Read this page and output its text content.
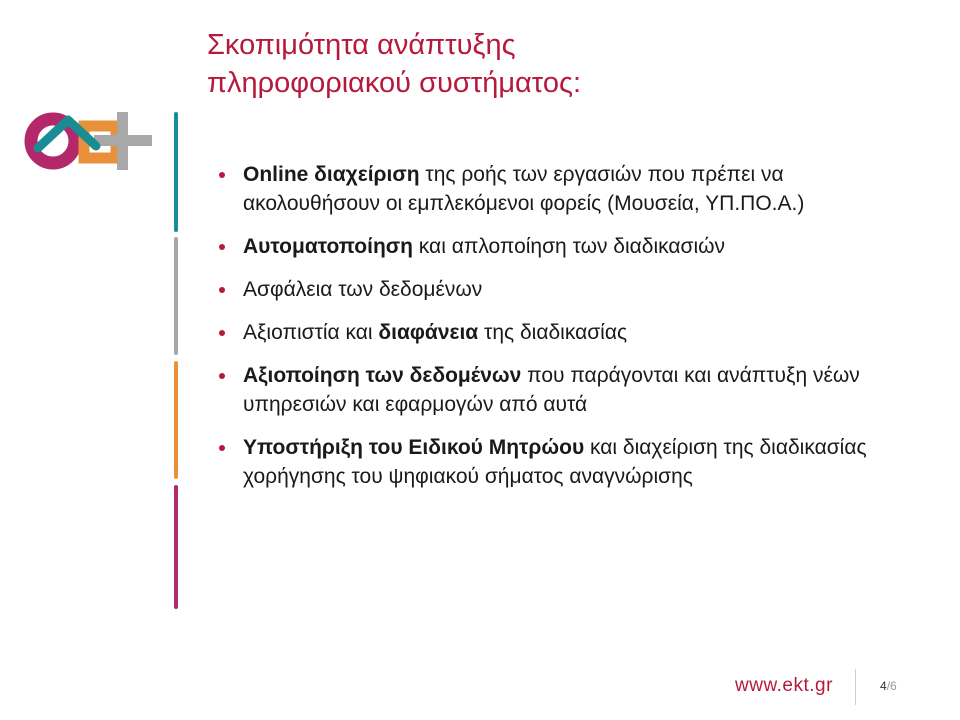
Σκοπιμότητα ανάπτυξης
πληροφοριακού συστήματος:
Online διαχείριση της ροής των εργασιών που πρέπει να ακολουθήσουν οι εμπλεκόμενοι φορείς (Μουσεία, ΥΠ.ΠΟ.Α.)
Αυτοματοποίηση και απλοποίηση των διαδικασιών
Ασφάλεια των δεδομένων
Αξιοπιστία και διαφάνεια της διαδικασίας
Αξιοποίηση των δεδομένων που παράγονται και ανάπτυξη νέων υπηρεσιών και εφαρμογών από αυτά
Υποστήριξη του Ειδικού Μητρώου και διαχείριση της διαδικασίας χορήγησης του ψηφιακού σήματος αναγνώρισης
www.ekt.gr	4/6
